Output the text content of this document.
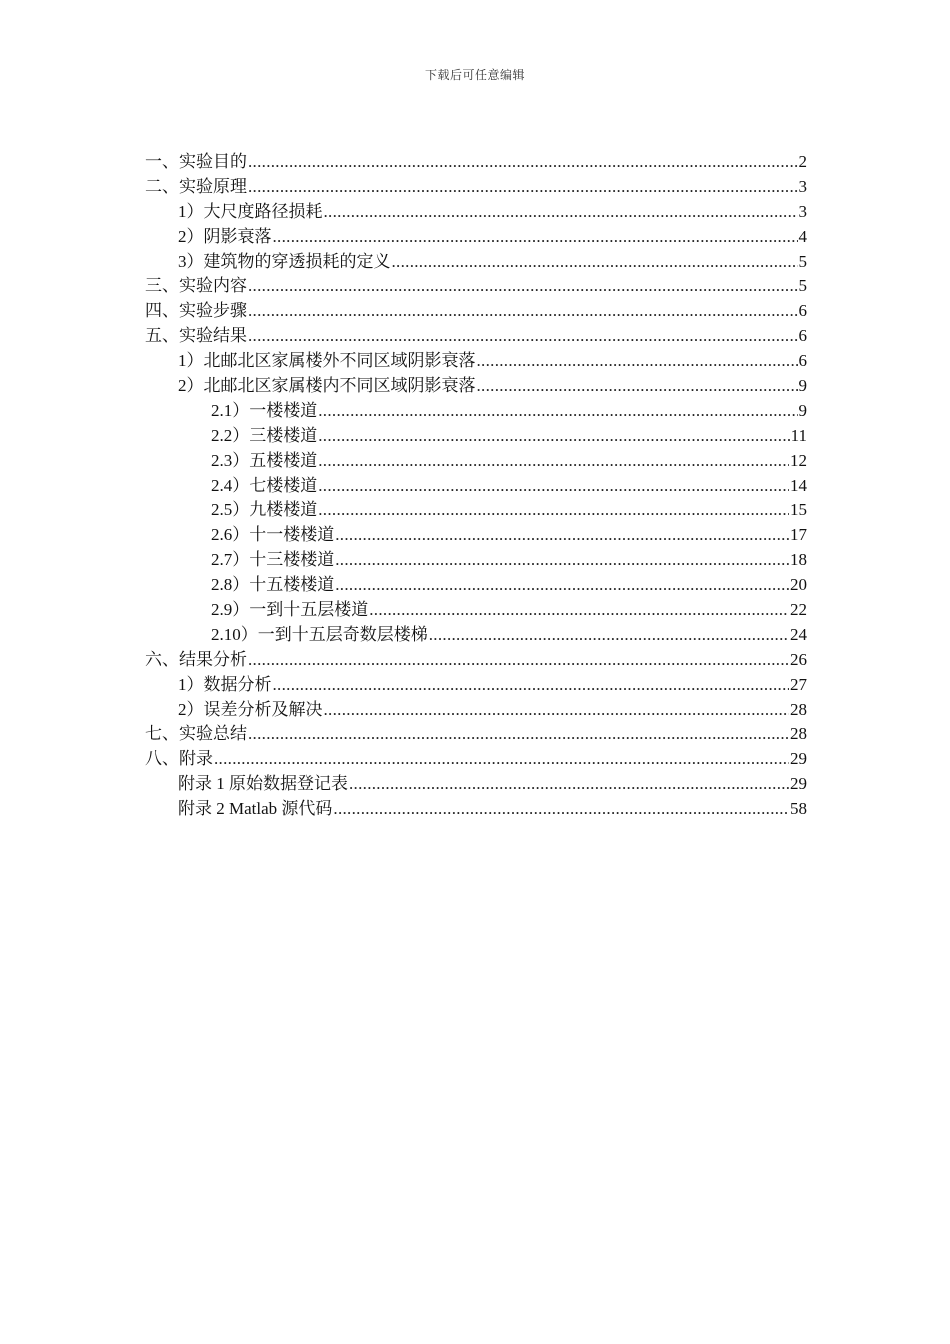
下载后可任意编辑
一、实验目的 .....	2
二、实验原理 .....	3
1）大尺度路径损耗 .....	3
2）阴影衰落 .....	4
3）建筑物的穿透损耗的定义 .....	5
三、实验内容 .....	5
四、实验步骤 .....	6
五、实验结果 .....	6
1）北邮北区家属楼外不同区域阴影衰落 .....	6
2）北邮北区家属楼内不同区域阴影衰落 .....	9
2.1）一楼楼道 .....	9
2.2）三楼楼道 .....	11
2.3）五楼楼道 .....	12
2.4）七楼楼道 .....	14
2.5）九楼楼道 .....	15
2.6）十一楼楼道 .....	17
2.7）十三楼楼道 .....	18
2.8）十五楼楼道 .....	20
2.9）一到十五层楼道 .....	22
2.10）一到十五层奇数层楼梯 .....	24
六、结果分析 .....	26
1）数据分析 .....	27
2）误差分析及解决 .....	28
七、实验总结 .....	28
八、附录 .....	29
附录 1 原始数据登记表 .....	29
附录 2 Matlab 源代码 .....	58
